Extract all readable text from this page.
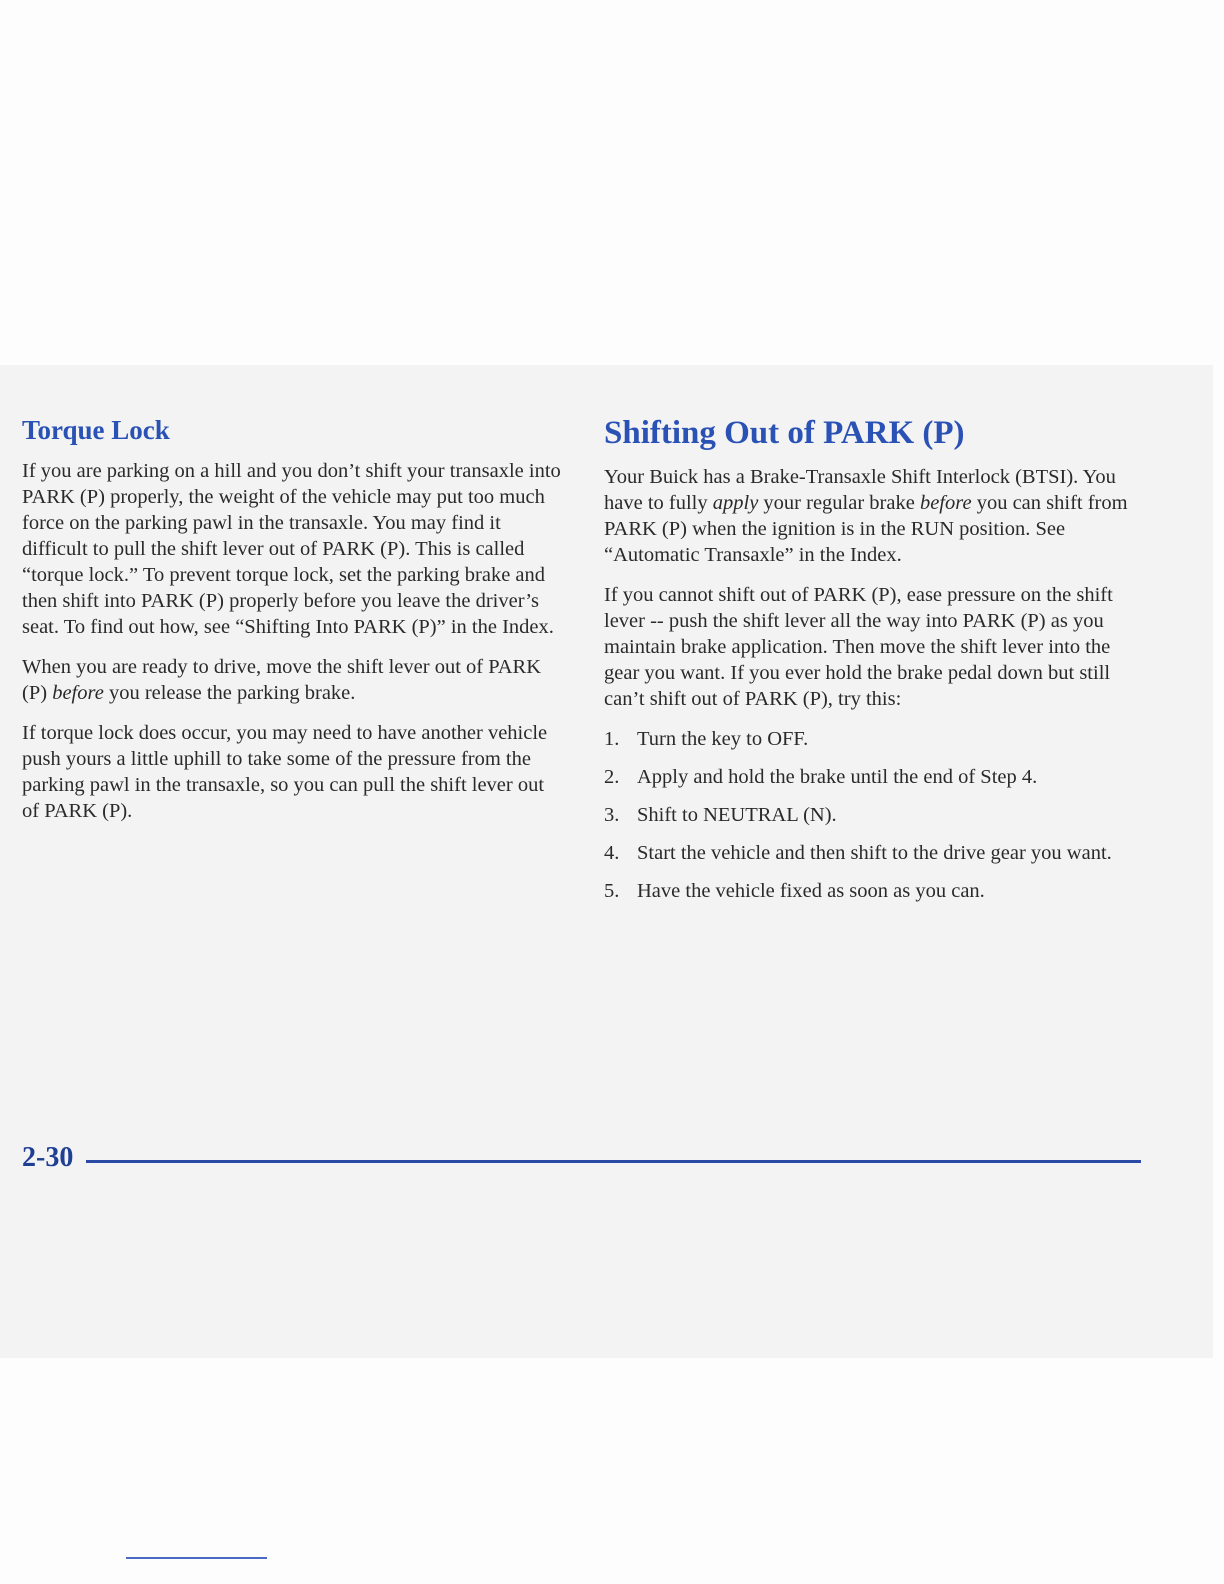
Torque Lock

If you are parking on a hill and you don’t shift your transaxle into PARK (P) properly, the weight of the vehicle may put too much force on the parking pawl in the transaxle. You may find it difficult to pull the shift lever out of PARK (P). This is called “torque lock.” To prevent torque lock, set the parking brake and then shift into PARK (P) properly before you leave the driver’s seat. To find out how, see “Shifting Into PARK (P)” in the Index.

When you are ready to drive, move the shift lever out of PARK (P) before you release the parking brake.

If torque lock does occur, you may need to have another vehicle push yours a little uphill to take some of the pressure from the parking pawl in the transaxle, so you can pull the shift lever out of PARK (P).

Shifting Out of PARK (P)

Your Buick has a Brake-Transaxle Shift Interlock (BTSI). You have to fully apply your regular brake before you can shift from PARK (P) when the ignition is in the RUN position. See “Automatic Transaxle” in the Index.

If you cannot shift out of PARK (P), ease pressure on the shift lever -- push the shift lever all the way into PARK (P) as you maintain brake application. Then move the shift lever into the gear you want. If you ever hold the brake pedal down but still can’t shift out of PARK (P), try this:

1. Turn the key to OFF.
2. Apply and hold the brake until the end of Step 4.
3. Shift to NEUTRAL (N).
4. Start the vehicle and then shift to the drive gear you want.
5. Have the vehicle fixed as soon as you can.
2-30
